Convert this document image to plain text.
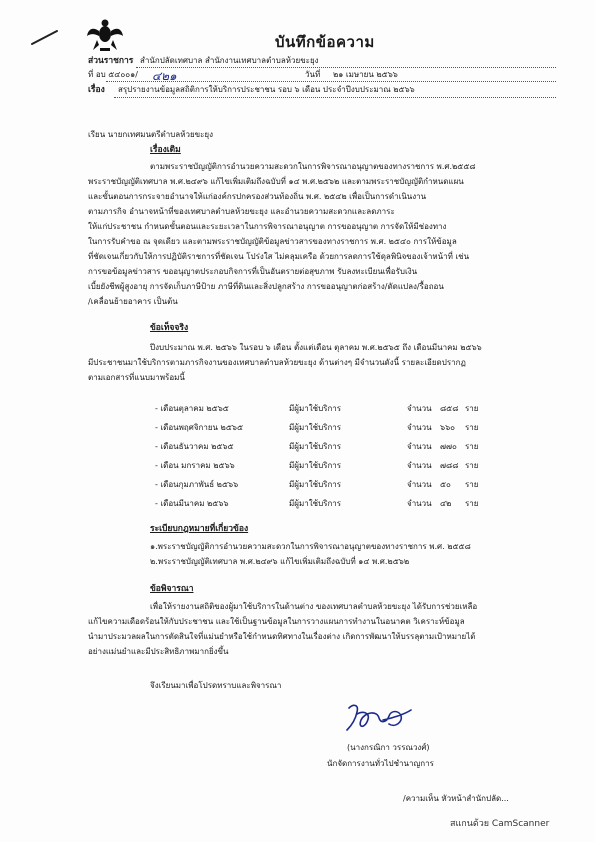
บันทึกข้อความ
ส่วนราชการ สำนักปลัดเทศบาล สำนักงานเทศบาลตำบลห้วยขะยุง
ที่ อบ ๕๔๐๐๑/ ๔๒๑	วันที่ ๒๑ เมษายน ๒๕๖๖
เรื่อง สรุปรายงานข้อมูลสถิติการให้บริการประชาชน รอบ ๖ เดือน ประจำปีงบประมาณ ๒๕๖๖
เรียน นายกเทศมนตรีตำบลห้วยขะยุง
เรื่องเดิม
ตามพระราชบัญญัติการอำนวยความสะดวกในการพิจารณาอนุญาตของทางราชการ พ.ศ.๒๕๕๘
พระราชบัญญัติเทศบาล พ.ศ.๒๔๙๖ แก้ไขเพิ่มเติมถึงฉบับที่ ๑๔ พ.ศ.๒๕๖๒ และตามพระราชบัญญัติกำหนดแผน
และขั้นตอนการกระจายอำนาจให้แก่องค์กรปกครองส่วนท้องถิ่น พ.ศ. ๒๕๔๒ เพื่อเป็นการดำเนินงาน
ตามภารกิจ อำนาจหน้าที่ของเทศบาลตำบลห้วยขะยุง และอำนวยความสะดวกและลดภาระ
ให้แก่ประชาชน กำหนดขั้นตอนและระยะเวลาในการพิจารณาอนุญาต การขออนุญาต การจัดให้มีช่องทาง
ในการรับคำขอ ณ จุดเดียว และตามพระราชบัญญัติข้อมูลข่าวสารของทางราชการ พ.ศ. ๒๕๔๐ การให้ข้อมูล
ที่ชัดเจนเกี่ยวกับให้การปฏิบัติราชการที่ชัดเจน โปร่งใส ไม่คลุมเครือ ด้วยการลดการใช้ดุลพินิจของเจ้าหน้าที่ เช่น
การขอข้อมูลข่าวสาร ขออนุญาตประกอบกิจการที่เป็นอันตรายต่อสุขภาพ รับลงทะเบียนเพื่อรับเงิน
เบี้ยยังชีพผู้สูงอายุ การจัดเก็บภาษีป้าย ภาษีที่ดินและสิ่งปลูกสร้าง การขออนุญาตก่อสร้าง/ดัดแปลง/รื้อถอน
/เคลื่อนย้ายอาคาร เป็นต้น
ข้อเท็จจริง
ปีงบประมาณ พ.ศ. ๒๕๖๖ ในรอบ ๖ เดือน ตั้งแต่เดือน ตุลาคม พ.ศ.๒๕๖๕ ถึง เดือนมีนาคม ๒๕๖๖
มีประชาชนมาใช้บริการตามภารกิจงานของเทศบาลตำบลห้วยขะยุง ด้านต่างๆ มีจำนวนดังนี้ รายละเอียดปรากฏ
ตามเอกสารที่แนบมาพร้อมนี้
- เดือนตุลาคม ๒๕๖๕	มีผู้มาใช้บริการ	จำนวน ๘๕๘ ราย
- เดือนพฤศจิกายน ๒๕๖๕	มีผู้มาใช้บริการ	จำนวน ๖๖๐ ราย
- เดือนธันวาคม ๒๕๖๕	มีผู้มาใช้บริการ	จำนวน ๗๗๐ ราย
- เดือน มกราคม ๒๕๖๖	มีผู้มาใช้บริการ	จำนวน ๗๘๘ ราย
- เดือนกุมภาพันธ์ ๒๕๖๖	มีผู้มาใช้บริการ	จำนวน ๕๐ ราย
- เดือนมีนาคม ๒๕๖๖	มีผู้มาใช้บริการ	จำนวน ๔๒ ราย
ระเบียบกฎหมายที่เกี่ยวข้อง
๑.พระราชบัญญัติการอำนวยความสะดวกในการพิจารณาอนุญาตของทางราชการ พ.ศ. ๒๕๕๘
๒.พระราชบัญญัติเทศบาล พ.ศ.๒๔๙๖ แก้ไขเพิ่มเติมถึงฉบับที่ ๑๔ พ.ศ.๒๕๖๒
ข้อพิจารณา
เพื่อให้รายงานสถิติของผู้มาใช้บริการในด้านต่าง ของเทศบาลตำบลห้วยขะยุง ได้รับการช่วยเหลือ
แก้ไขความเดือดร้อนให้กับประชาชน และใช้เป็นฐานข้อมูลในการวางแผนการทำงานในอนาคต วิเคราะห์ข้อมูล
นำมาประมวลผลในการตัดสินใจที่แม่นยำหรือใช้กำหนดทิศทางในเรื่องต่าง เกิดการพัฒนาให้บรรลุตามเป้าหมายได้
อย่างแม่นยำและมีประสิทธิภาพมากยิ่งขึ้น
จึงเรียนมาเพื่อโปรดทราบและพิจารณา
(นางกรณิกา วรรณวงศ์)
นักจัดการงานทั่วไปชำนาญการ
/ความเห็น หัวหน้าสำนักปลัด...
สแกนด้วย CamScanner
